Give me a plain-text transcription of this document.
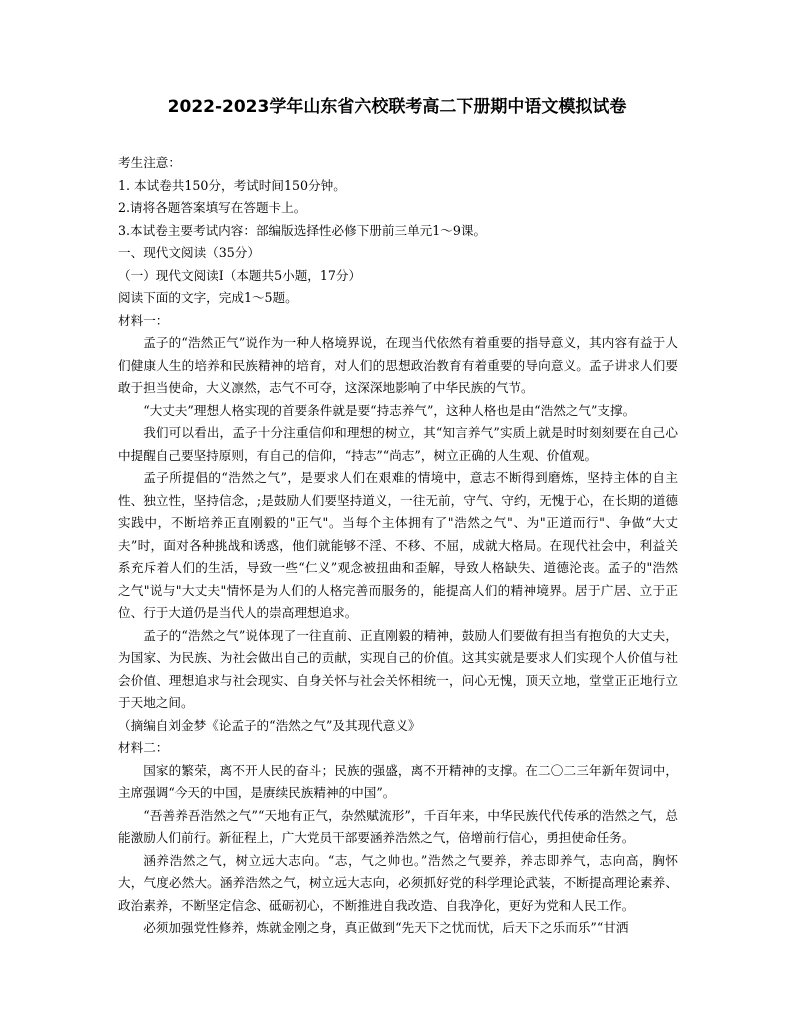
2022-2023学年山东省六校联考高二下册期中语文模拟试卷

考生注意：

1. 本试卷共150分，考试时间150分钟。

2.请将各题答案填写在答题卡上。

3.本试卷主要考试内容：部编版选择性必修下册前三单元1～9课。

一、现代文阅读（35分）

（一）现代文阅读Ⅰ（本题共5小题，17分）

阅读下面的文字，完成1～5题。

材料一：

孟子的“浩然正气”说作为一种人格境界说，在现当代依然有着重要的指导意义，其内容有益于人们健康人生的培养和民族精神的培育，对人们的思想政治教育有着重要的导向意义。孟子讲求人们要敢于担当使命，大义凛然，志气不可夺，这深深地影响了中华民族的气节。

“大丈夫”理想人格实现的首要条件就是要“持志养气”，这种人格也是由“浩然之气”支撑。

我们可以看出，孟子十分注重信仰和理想的树立，其“知言养气”实质上就是时时刻刻要在自己心中提醒自己要坚持原则，有自己的信仰，“持志”“尚志”，树立正确的人生观、价值观。

孟子所提倡的“浩然之气”，是要求人们在艰难的情境中，意志不断得到磨炼，坚持主体的自主性、独立性，坚持信念，;是鼓励人们要坚持道义，一往无前，守气、守约，无愧于心，在长期的道德实践中，不断培养正直刚毅的"正气"。当每个主体拥有了"浩然之气"、为"正道而行"、争做“大丈夫”时，面对各种挑战和诱惑，他们就能够不淫、不移、不屈，成就大格局。在现代社会中，利益关系充斥着人们的生活，导致一些“仁义”观念被扭曲和歪解，导致人格缺失、道德沦丧。孟子的"浩然之气"说与"大丈夫"情怀是为人们的人格完善而服务的，能提高人们的精神境界。居于广居、立于正位、行于大道仍是当代人的崇高理想追求。

孟子的“浩然之气”说体现了一往直前、正直刚毅的精神，鼓励人们要做有担当有抱负的大丈夫，为国家、为民族、为社会做出自己的贡献，实现自己的价值。这其实就是要求人们实现个人价值与社会价值、理想追求与社会现实、自身关怀与社会关怀相统一，问心无愧，顶天立地，堂堂正正地行立于天地之间。

（摘编自刘金梦《论孟子的“浩然之气”及其现代意义》

材料二：

国家的繁荣，离不开人民的奋斗；民族的强盛，离不开精神的支撑。在二〇二三年新年贺词中，主席强调“今天的中国，是赓续民族精神的中国”。

“吾善养吾浩然之气”“天地有正气，杂然赋流形”，千百年来，中华民族代代传承的浩然之气，总能激励人们前行。新征程上，广大党员干部要涵养浩然之气，倍增前行信心，勇担使命任务。

涵养浩然之气，树立远大志向。“志，气之帅也。”浩然之气要养，养志即养气，志向高，胸怀大，气度必然大。涵养浩然之气，树立远大志向，必须抓好党的科学理论武装，不断提高理论素养、政治素养，不断坚定信念、砥砺初心，不断推进自我改造、自我净化，更好为党和人民工作。

必须加强党性修养，炼就金刚之身，真正做到“先天下之忧而忧，后天下之乐而乐”“甘洒
